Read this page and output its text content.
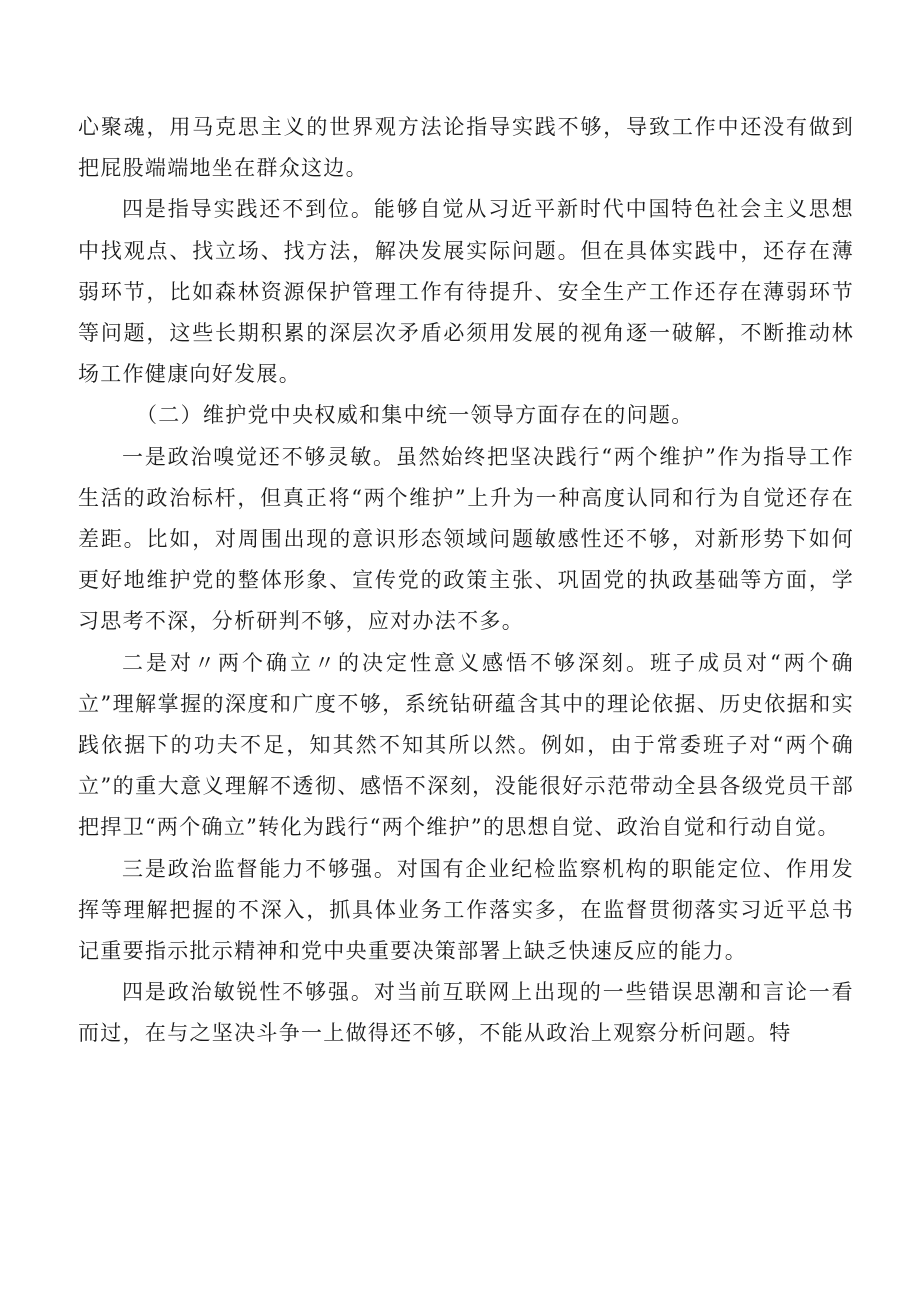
心聚魂，用马克思主义的世界观方法论指导实践不够，导致工作中还没有做到把屁股端端地坐在群众这边。

四是指导实践还不到位。能够自觉从习近平新时代中国特色社会主义思想中找观点、找立场、找方法，解决发展实际问题。但在具体实践中，还存在薄弱环节，比如森林资源保护管理工作有待提升、安全生产工作还存在薄弱环节等问题，这些长期积累的深层次矛盾必须用发展的视角逐一破解，不断推动林场工作健康向好发展。

（二）维护党中央权威和集中统一领导方面存在的问题。

一是政治嗅觉还不够灵敏。虽然始终把坚决践行“两个维护”作为指导工作生活的政治标杆，但真正将“两个维护”上升为一种高度认同和行为自觉还存在差距。比如，对周围出现的意识形态领域问题敏感性还不够，对新形势下如何更好地维护党的整体形象、宣传党的政策主张、巩固党的执政基础等方面，学习思考不深，分析研判不够，应对办法不多。

二是对〃两个确立〃的决定性意义感悟不够深刻。班子成员对“两个确立”理解掌握的深度和广度不够，系统钻研蕴含其中的理论依据、历史依据和实践依据下的功夫不足，知其然不知其所以然。例如，由于常委班子对“两个确立”的重大意义理解不透彻、感悟不深刻，没能很好示范带动全县各级党员干部把捍卫“两个确立”转化为践行“两个维护”的思想自觉、政治自觉和行动自觉。

三是政治监督能力不够强。对国有企业纪检监察机构的职能定位、作用发挥等理解把握的不深入，抓具体业务工作落实多，在监督贯彻落实习近平总书记重要指示批示精神和党中央重要决策部署上缺乏快速反应的能力。

四是政治敏锐性不够强。对当前互联网上出现的一些错误思潮和言论一看而过，在与之坚决斗争一上做得还不够，不能从政治上观察分析问题。特
